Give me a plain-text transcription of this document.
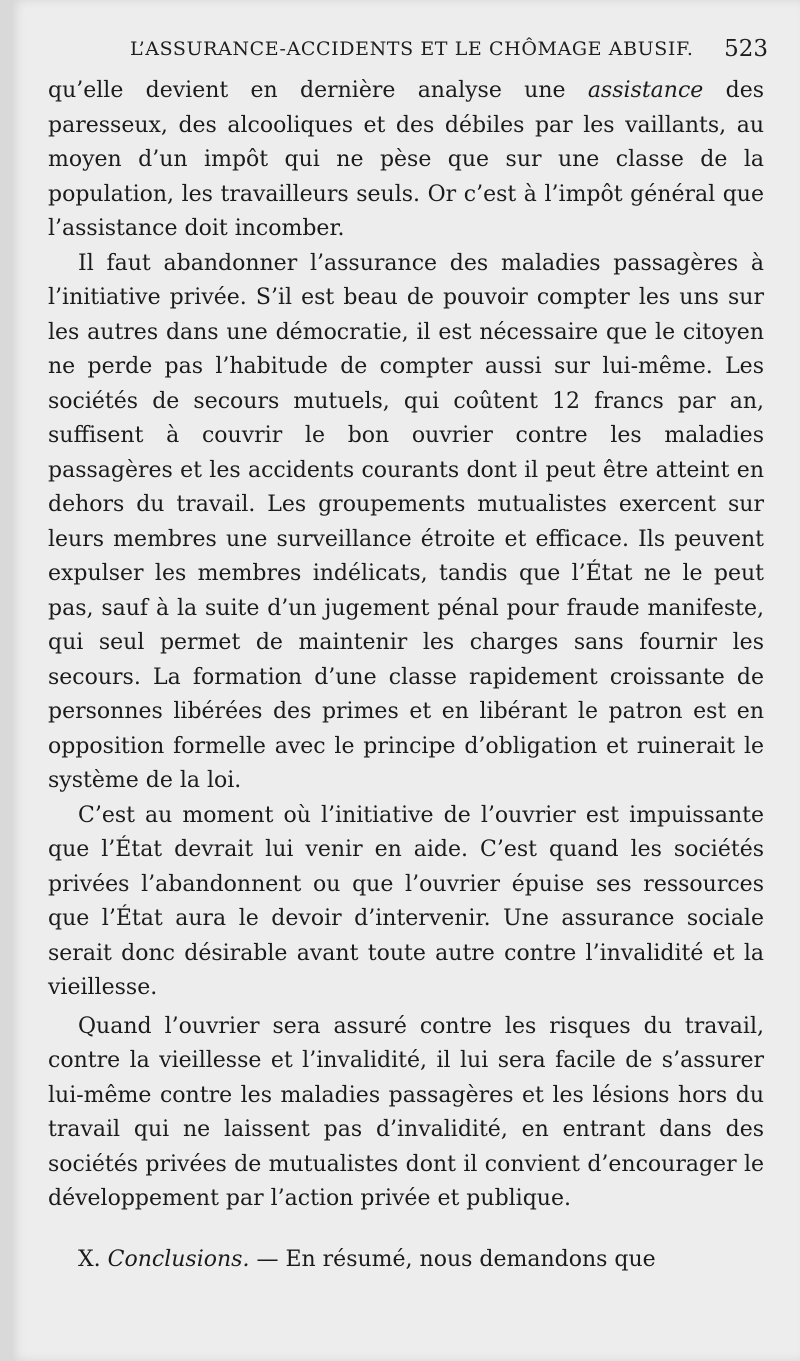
L’ASSURANCE-ACCIDENTS ET LE CHÔMAGE ABUSIF. 523

qu’elle devient en dernière analyse une assistance des paresseux, des alcooliques et des débiles par les vaillants, au moyen d’un impôt qui ne pèse que sur une classe de la population, les travailleurs seuls. Or c’est à l’impôt général que l’assistance doit incomber.

Il faut abandonner l’assurance des maladies passagères à l’initiative privée. S’il est beau de pouvoir compter les uns sur les autres dans une démocratie, il est nécessaire que le citoyen ne perde pas l’habitude de compter aussi sur lui-même. Les sociétés de secours mutuels, qui coûtent 12 francs par an, suffisent à couvrir le bon ouvrier contre les maladies passagères et les accidents courants dont il peut être atteint en dehors du travail. Les groupements mutualistes exercent sur leurs membres une surveillance étroite et efficace. Ils peuvent expulser les membres indélicats, tandis que l’État ne le peut pas, sauf à la suite d’un jugement pénal pour fraude manifeste, qui seul permet de maintenir les charges sans fournir les secours. La formation d’une classe rapidement croissante de personnes libérées des primes et en libérant le patron est en opposition formelle avec le principe d’obligation et ruinerait le système de la loi.

C’est au moment où l’initiative de l’ouvrier est impuissante que l’État devrait lui venir en aide. C’est quand les sociétés privées l’abandonnent ou que l’ouvrier épuise ses ressources que l’État aura le devoir d’intervenir. Une assurance sociale serait donc désirable avant toute autre contre l’invalidité et la vieillesse.

Quand l’ouvrier sera assuré contre les risques du travail, contre la vieillesse et l’invalidité, il lui sera facile de s’assurer lui-même contre les maladies passagères et les lésions hors du travail qui ne laissent pas d’invalidité, en entrant dans des sociétés privées de mutualistes dont il convient d’encourager le développement par l’action privée et publique.

X. Conclusions. — En résumé, nous demandons que
